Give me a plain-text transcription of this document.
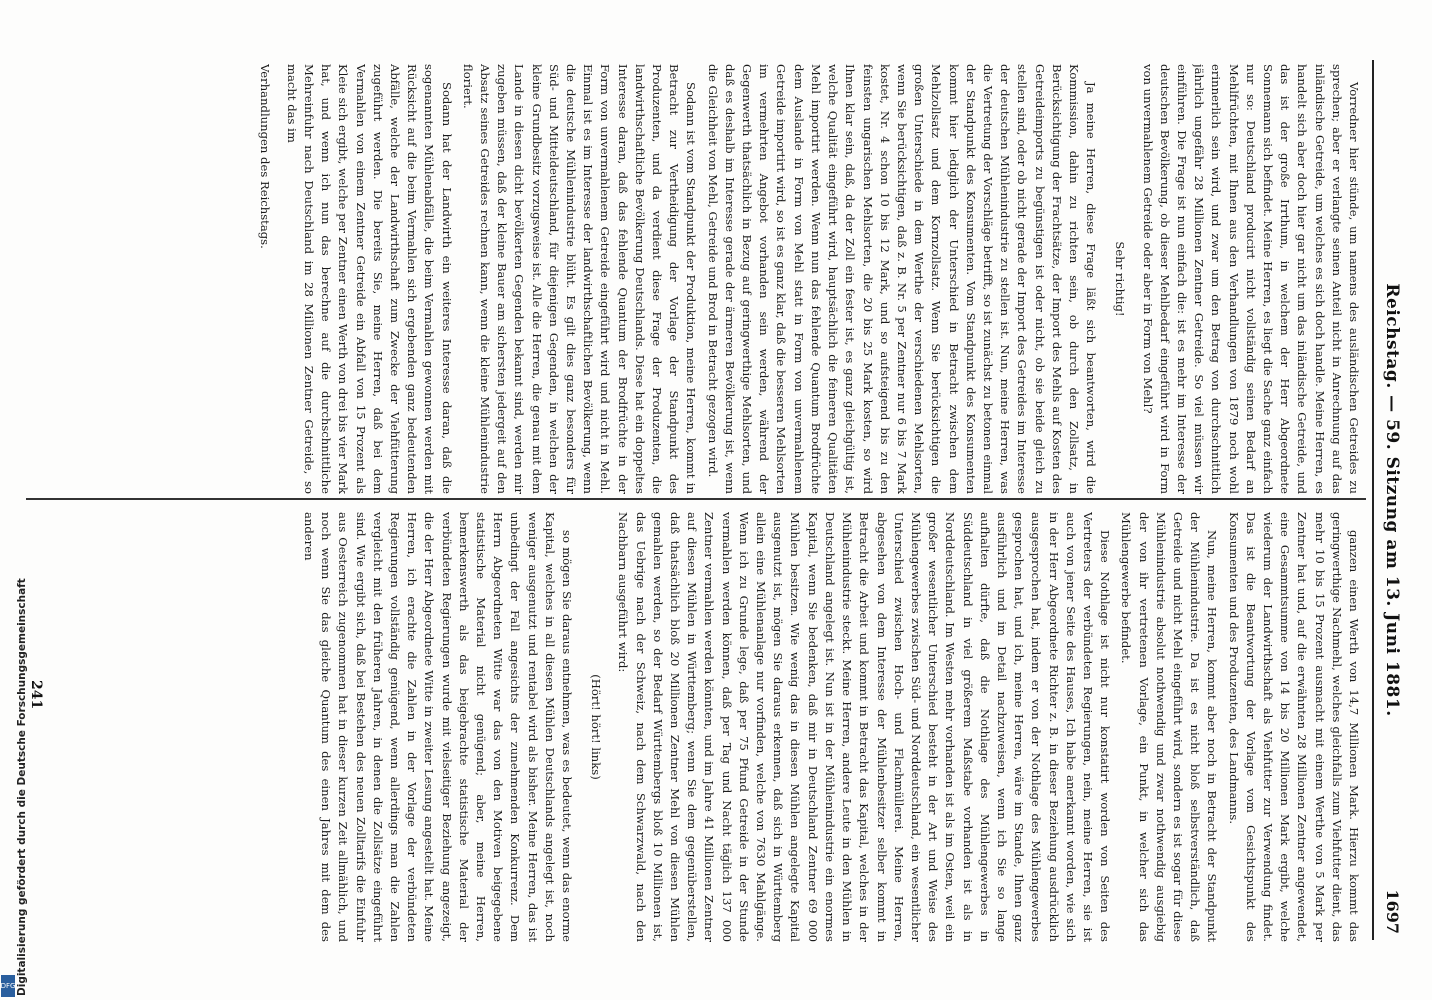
Reichstag. — 59. Sitzung am 13. Juni 1881.
1697

Vorredner hier stünde, um namens des ausländischen Getreides zu sprechen; aber er verlangte seinen Anteil nicht in Anrechnung auf das inländische Getreide, um welches es sich doch handle. Meine Herren, es handelt sich aber doch hier gar nicht um das inländische Getreide, und das ist der große Irrthum, in welchem der Herr Abgeordnete Sonnemann sich befindet. Meine Herren, es liegt die Sache ganz einfach nur so: Deutschland producirt nicht vollständig seinen Bedarf an Mehlfrüchten, mit Ihnen aus den Verhandlungen von 1879 noch wohl erinnerlich sein wird, und zwar um den Betrag von durchschnittlich jährlich ungefähr 28 Millionen Zentner Getreide. So viel müssen wir einführen. Die Frage ist nun einfach die: ist es mehr im Interesse der deutschen Bevölkerung, ob dieser Mehlbedarf eingeführt wird in Form von unvermahlenem Getreide oder aber in Form von Mehl?

Sehr richtig!

Ja meine Herren, diese Frage läßt sich beantworten, wird die Kommission, dahin zu richten sein, ob durch den Zollsatz, in Berücksichtigung der Frachtsätze, der Import des Mehls auf Kosten des Getreideimports zu begünstigen ist oder nicht, ob sie beide gleich zu stellen sind, oder ob nicht gerade der Import des Getreides im Interesse der deutschen Mühlenindustrie zu stellen ist. Nun, meine Herren, was die Vertretung der Vorschläge betrifft, so ist zunächst zu betonen einmal der Standpunkt des Konsumenten. Vom Standpunkt des Konsumenten kommt hier lediglich der Unterschied in Betracht zwischen dem Mehlzollsatz und dem Kornzollsatz. Wenn Sie berücksichtigen die großen Unterschiede in dem Werthe der verschiedenen Mehlsorten, wenn Sie berücksichtigen, daß z. B. Nr. 5 per Zentner nur 6 bis 7 Mark kostet, Nr. 4 schon 10 bis 12 Mark, und so aufsteigend bis zu den feinsten ungarischen Mehlsorten, die 20 bis 25 Mark kosten, so wird Ihnen klar sein, daß, da der Zoll ein fester ist, es ganz gleichgültig ist, welche Qualität eingeführt wird, hauptsächlich die feineren Qualitäten Mehl importirt werden. Wenn nun das fehlende Quantum Brodfrüchte dem Auslande in Form von Mehl statt in Form von unvermahlenem Getreide importirt wird, so ist es ganz klar, daß die besseren Mehlsorten im vermehrten Angebot vorhanden sein werden, während der Gegenwerth thatsächlich in Bezug auf geringwerthige Mehlsorten, und daß es deshalb im Interesse gerade der ärmeren Bevölkerung ist, wenn die Gleichheit von Mehl, Getreide und Brod in Betracht gezogen wird.

Sodann ist vom Standpunkt der Produktion, meine Herren, kommt in Betracht zur Vertheidigung der Vorlage der Standpunkt des Produzenten, und da verdient diese Frage der Produzenten, die landwirthschaftliche Bevölkerung Deutschlands. Diese hat ein doppeltes Interesse daran, daß das fehlende Quantum der Brodfrüchte in der Form von unvermahlenem Getreide eingeführt wird und nicht in Mehl. Einmal ist es im Interesse der landwirthschaftlichen Bevölkerung, wenn die deutsche Mühlenindustrie blüht. Es gilt dies ganz besonders für Süd- und Mitteldeutschland, für diejenigen Gegenden, in welchen der kleine Grundbesitz vorzugsweise ist. Alle die Herren, die genau mit dem Lande in diesen dicht bevölkerten Gegenden bekannt sind, werden mir zugeben müssen, daß der kleine Bauer am sichersten jedergeit auf den Absatz seines Getreides rechnen kann, wenn die kleine Mühlenindustrie floriert.

Sodann hat der Landwirth ein weiteres Interesse daran, daß die sogenannten Mühlenabfälle, die beim Vermahlen gewonnen werden mit Rücksicht auf die beim Vermahlen sich ergebenden ganz bedeutenden Abfälle, welche der Landwirthschaft zum Zwecke der Viehfütterung zugeführt werden. Die bereits Sie, meine Herren, daß bei dem Vermahlen von einem Zentner Getreide ein Abfall von 15 Prozent als Kleie sich ergibt, welche per Zentner einen Werth von drei bis vier Mark hat, und wenn ich nun das berechne auf die durchschnittliche Mehreinfuhr nach Deutschland im 28 Millionen Zentner Getreide, so macht das im

Verhandlungen des Reichstags.

ganzen einen Werth von 14,7 Millionen Mark. Hierzu kommt das geringwerthige Nachmehl, welches gleichfalls zum Viehfutter dient, das mehr 10 bis 15 Prozent ausmacht mit einem Werthe von 5 Mark per Zentner hat und, auf die erwähnten 28 Millionen Zentner angewendet, eine Gesammtsumme von 14 bis 20 Millionen Mark ergibt, welche wiederum der Landwirthschaft als Viehfutter zur Verwendung findet. Das ist die Beantwortung der Vorlage vom Gesichtspunkt des Konsumenten und des Produzenten, des Landmanns.

Nun, meine Herren, kommt aber noch in Betracht der Standpunkt der Mühlenindustrie. Da ist es nicht bloß selbstverständlich, daß Getreide und nicht Mehl eingeführt wird, sondern es ist sogar für diese Mühlenindustrie absolut nothwendig und zwar nothwendig ausgiebig der von ihr vertretenen Vorlage, ein Punkt, in welcher sich das Mühlengewerbe befindet.

Diese Nothlage ist nicht nur konstatirt worden von Seiten des Vertreters der verbündeten Regierungen, nein, meine Herren, sie ist auch von jener Seite des Hauses, Ich habe anerkannt worden, wie sich in der Herr Abgeordnete Richter z. B. in dieser Beziehung ausdrücklich ausgesprochen hat, indem er von der Nothlage des Mühlengewerbes gesprochen hat, und ich, meine Herren, wäre im Stande, Ihnen ganz ausführlich und im Detail nachzuweisen, wenn ich Sie so lange aufhalten dürfte, daß die Nothlage des Mühlengewerbes in Süddeutschland in viel größerem Maßstabe vorhanden ist als in Norddeutschland. Im Westen mehr vorhanden ist als im Osten, weil ein großer wesentlicher Unterschied besteht in der Art und Weise des Mühlengewerbes zwischen Süd- und Norddeutschland, ein wesentlicher Unterschied zwischen Hoch- und Flachmüllerei. Meine Herren, abgesehen von dem Interesse der Mühlenbesitzer selber kommt in Betracht die Arbeit und kommt in Betracht das Kapital, welches in der Mühlenindustrie steckt. Meine Herren, andere Leute in den Mühlen in Deutschland angelegt ist. Nun ist in der Mühlenindustrie ein enormes Kapital, wenn Sie bedenken, daß mir in Deutschland Zentner 69 000 Mühlen besitzen. Wie wenig das in diesen Mühlen angelegte Kapital ausgenutzt ist, mögen Sie daraus erkennen, daß sich in Württemberg allein eine Mühlenanlage nur vorfinden, welche von 7630 Mahlgänge. Wenn ich zu Grunde lege, daß per 75 Pfund Getreide in der Stunde vermahlen werden können, daß per Tag und Nacht täglich 137 000 Zentner vermahlen werden könnten, und im Jahre 41 Millionen Zentner auf diesen Mühlen in Württemberg; wenn Sie dem gegenüberstellen, daß thatsächlich bloß 20 Millionen Zentner Mehl von diesen Mühlen gemahlen werden, so der Bedarf Württembergs bloß 10 Millionen ist, das Uebrige nach der Schweiz, nach dem Schwarzwald, nach den Nachbarn ausgeführt wird:

(Hört! hört! links)

so mögen Sie daraus entnehmen, was es bedeutet, wenn das enorme Kapital, welches in all diesen Mühlen Deutschlands angelegt ist, noch weniger ausgenutzt und rentabel wird als bisher. Meine Herren, das ist unbedingt der Fall angesichts der zunehmenden Konkurrenz. Dem Herrn Abgeordneten Witte war das von den Motiven beigegebene statistische Material nicht genügend; aber, meine Herren, bemerkenswerth als das beigebrachte statistische Material der verbündeten Regierungen wurde mit vielseitiger Beziehung angezeigt, die der Herr Abgeordnete Witte in zweiter Lesung angestellt hat. Meine Herren, ich erachte die Zahlen in der Vorlage der verbündeten Regierungen vollständig genügend, wenn allerdings man die Zahlen vergleicht mit den früheren Jahren, in denen die Zollsätze eingeführt sind. Wie ergibt sich, daß bei Bestehen des neuen Zolltarifs die Einfuhr aus Oesterreich zugenommen hat in dieser kurzen Zeit allmählich, und noch wenn Sie das gleiche Quantum des einen Jahres mit dem des anderen

241
Digitalisierung gefördert durch die Deutsche Forschungsgemeinschaft
DFG
